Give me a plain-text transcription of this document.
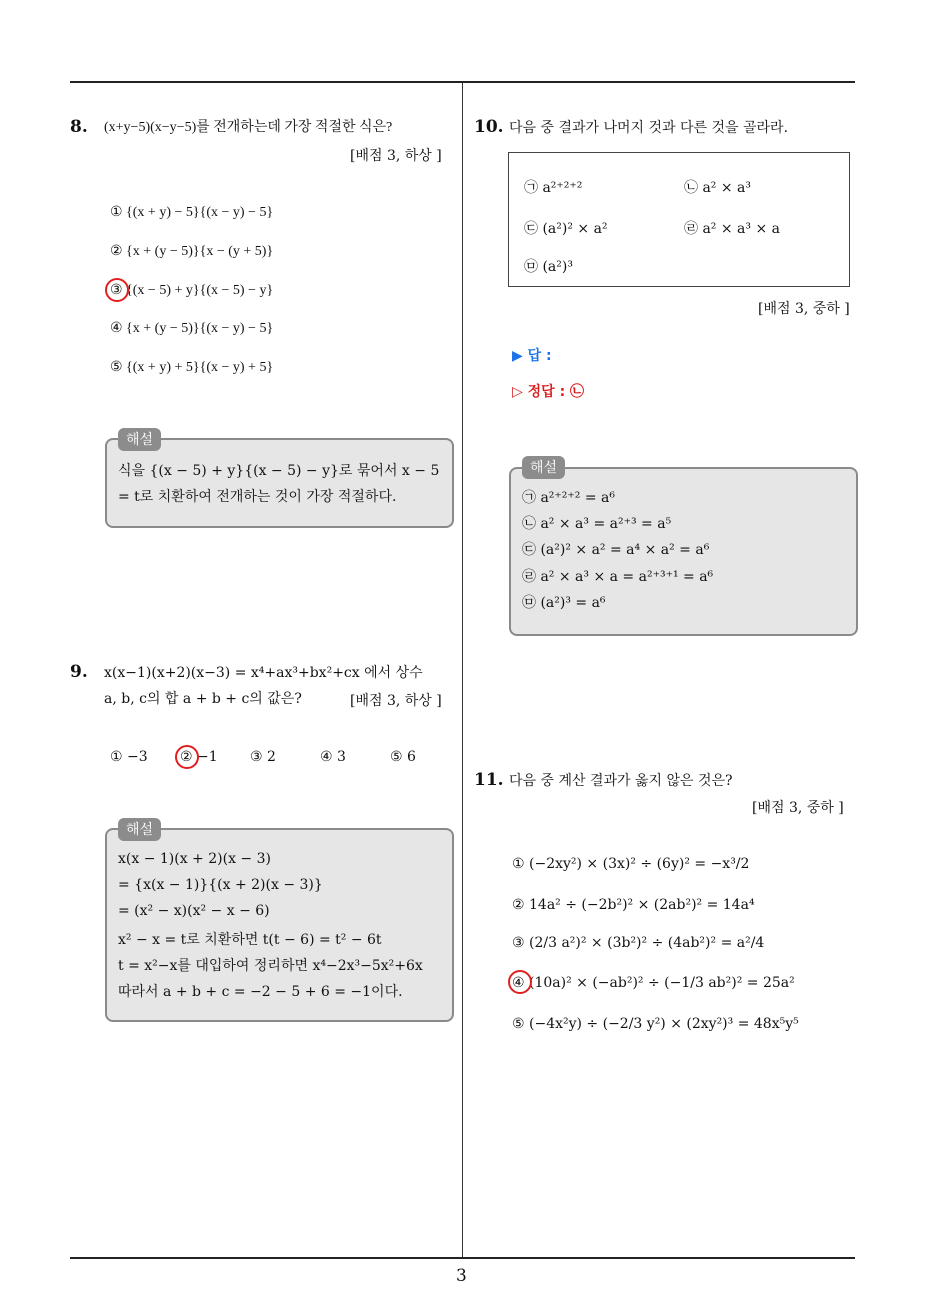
8. (x+y−5)(x−y−5)를 전개하는데 가장 적절한 식은?
[배점 3, 하상 ]
① {(x + y) − 5}{(x − y) − 5}
② {x + (y − 5)}{x − (y + 5)}
③ {(x − 5) + y}{(x − 5) − y}
④ {x + (y − 5)}{(x − y) − 5}
⑤ {(x + y) + 5}{(x − y) + 5}
해설
식을 {(x − 5) + y}{(x − 5) − y}로 묶어서 x − 5
= t로 치환하여 전개하는 것이 가장 적절하다.
9. x(x−1)(x+2)(x−3) = x⁴+ax³+bx²+cx 에서 상수
a, b, c의 합 a + b + c의 값은?	[배점 3, 하상 ]
① −3 ② −1 ③ 2	④ 3	⑤ 6
해설
x(x − 1)(x + 2)(x − 3)
= {x(x − 1)}{(x + 2)(x − 3)}
= (x² − x)(x² − x − 6)
x² − x = t로 치환하면 t(t − 6) = t² − 6t
t = x²−x를 대입하여 정리하면 x⁴−2x³−5x²+6x
따라서 a + b + c = −2 − 5 + 6 = −1이다.
10. 다음 중 결과가 나머지 것과 다른 것을 골라라.
㉠ a²⁺²⁺²	㉡ a² × a³
㉢ (a²)² × a²	㉣ a² × a³ × a
㉤ (a²)³
[배점 3, 중하 ]
▶ 답 :
▷ 정답 : ㉡
해설
㉠ a²⁺²⁺² = a⁶
㉡ a² × a³ = a²⁺³ = a⁵
㉢ (a²)² × a² = a⁴ × a² = a⁶
㉣ a² × a³ × a = a²⁺³⁺¹ = a⁶
㉤ (a²)³ = a⁶
11. 다음 중 계산 결과가 옳지 않은 것은?
[배점 3, 중하 ]
① (−2xy²) × (3x)² ÷ (6y)² = −x³/2
② 14a² ÷ (−2b²)² × (2ab²)² = 14a⁴
③ (2/3 a²)² × (3b²)² ÷ (4ab²)² = a²/4
④ (10a)² × (−ab²)² ÷ (−1/3 ab²)² = 25a²
⑤ (−4x²y) ÷ (−2/3 y²) × (2xy²)³ = 48x⁵y⁵
3
